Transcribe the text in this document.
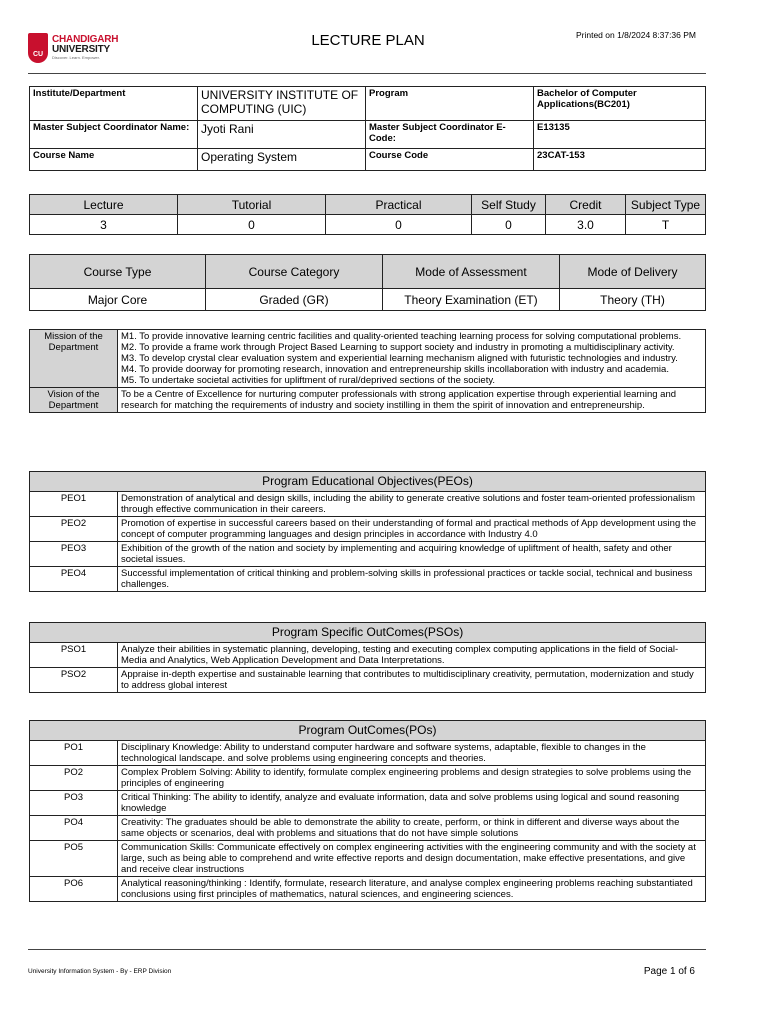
CU
CHANDIGARH
UNIVERSITY
Discover. Learn. Empower.
LECTURE PLAN	Printed on 1/8/2024 8:37:36 PM
Institute/Department	UNIVERSITY INSTITUTE OF COMPUTING (UIC)	Program	Bachelor of Computer Applications(BC201)
Master Subject Coordinator Name:	Jyoti Rani	Master Subject Coordinator E-Code:	E13135
Course Name	Operating System	Course Code	23CAT-153
Lecture	Tutorial	Practical	Self Study	Credit	Subject Type
3	0	0	0	3.0	T
Course Type	Course Category	Mode of Assessment	Mode of Delivery
Major Core	Graded (GR)	Theory Examination (ET)	Theory (TH)
Mission of the Department	M1. To provide innovative learning centric facilities and quality-oriented teaching learning process for solving computational problems.
M2. To provide a frame work through Project Based Learning to support society and industry in promoting a multidisciplinary activity.
M3. To develop crystal clear evaluation system and experiential learning mechanism aligned with futuristic technologies and industry.
M4. To provide doorway for promoting research, innovation and entrepreneurship skills incollaboration with industry and academia.
M5. To undertake societal activities for upliftment of rural/deprived sections of the society.

Vision of the Department	To be a Centre of Excellence for nurturing computer professionals with strong application expertise through experiential learning and research for matching the requirements of industry and society instilling in them the spirit of innovation and entrepreneurship.
Program Educational Objectives(PEOs)	
PEO1	Demonstration of analytical and design skills, including the ability to generate creative solutions and foster team-oriented professionalism through effective communication in their careers.
PEO2	Promotion of expertise in successful careers based on their understanding of formal and practical methods of App development using the concept of computer programming languages and design principles in accordance with Industry 4.0
PEO3	Exhibition of the growth of the nation and society by implementing and acquiring knowledge of upliftment of health, safety and other societal issues.
PEO4	Successful implementation of critical thinking and problem-solving skills in professional practices or tackle social, technical and business challenges.
Program Specific OutComes(PSOs)	
PSO1	Analyze their abilities in systematic planning, developing, testing and executing complex computing applications in the field of Social-Media and Analytics, Web Application Development and Data Interpretations.
PSO2	Appraise in-depth expertise and sustainable learning that contributes to multidisciplinary creativity, permutation, modernization and study to address global interest
Program OutComes(POs)	
PO1	Disciplinary Knowledge: Ability to understand computer hardware and software systems, adaptable, flexible to changes in the technological landscape. and solve problems using engineering concepts and theories.
PO2	Complex Problem Solving: Ability to identify, formulate complex engineering problems and design strategies to solve problems using the principles of engineering
PO3	Critical Thinking: The ability to identify, analyze and evaluate information, data and solve problems using logical and sound reasoning knowledge
PO4	Creativity: The graduates should be able to demonstrate the ability to create, perform, or think in different and diverse ways about the same objects or scenarios, deal with problems and situations that do not have simple solutions
PO5	Communication Skills: Communicate effectively on complex engineering activities with the engineering community and with the society at large, such as being able to comprehend and write effective reports and design documentation, make effective presentations, and give and receive clear instructions
PO6	Analytical reasoning/thinking : Identify, formulate, research literature, and analyse complex engineering problems reaching substantiated conclusions using first principles of mathematics, natural sciences, and engineering sciences.
University Information System - By - ERP Division	Page 1 of 6
